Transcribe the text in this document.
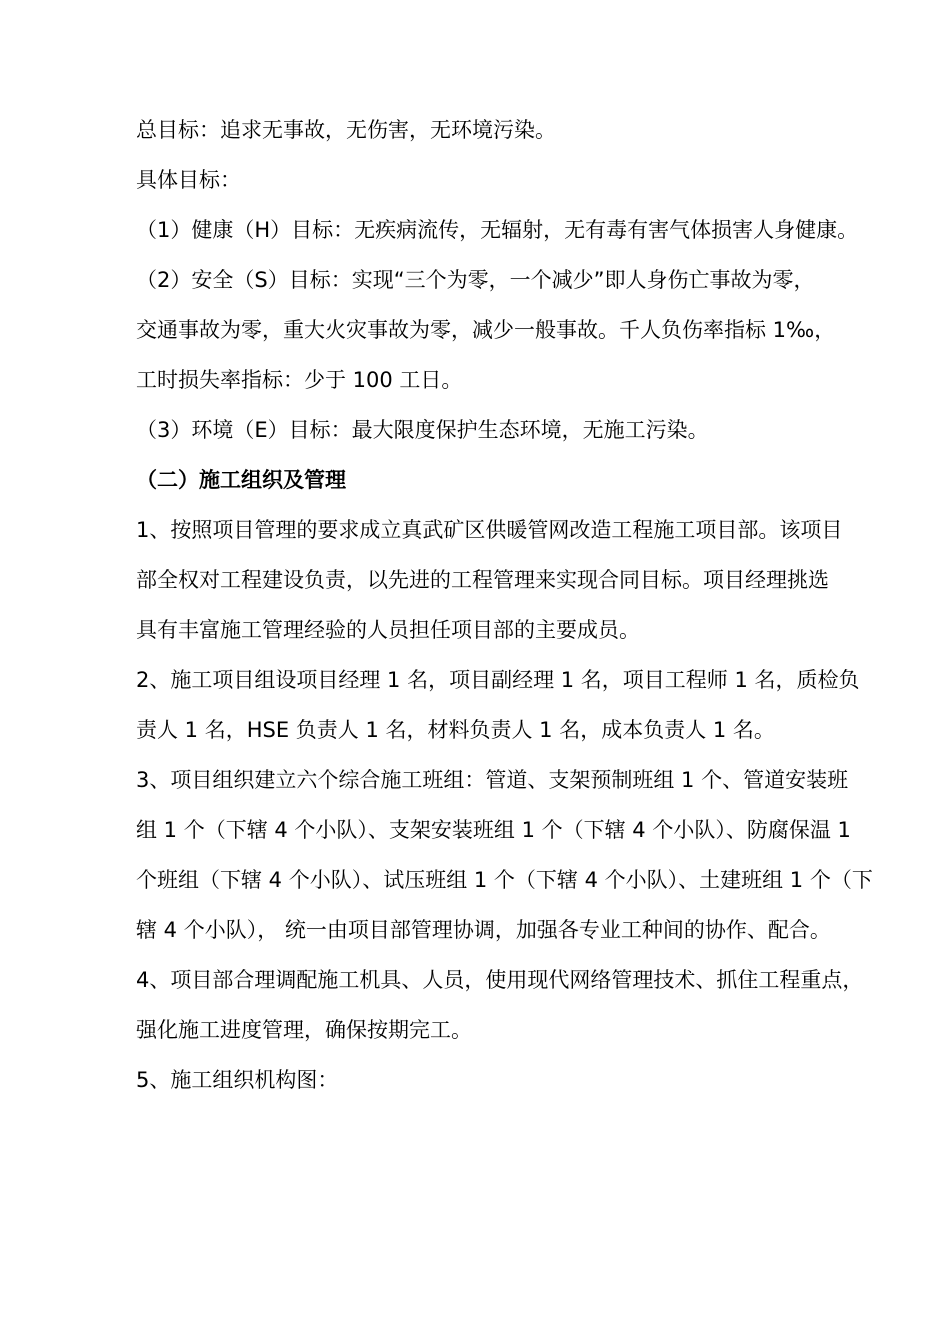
总目标：追求无事故，无伤害，无环境污染。
具体目标：
（1）健康（H）目标：无疾病流传，无辐射，无有毒有害气体损害人身健康。
（2）安全（S）目标：实现“三个为零，一个减少”即人身伤亡事故为零，
交通事故为零，重大火灾事故为零，减少一般事故。千人负伤率指标 1‰，
工时损失率指标：少于 100 工日。
（3）环境（E）目标：最大限度保护生态环境，无施工污染。
（二）施工组织及管理
1、按照项目管理的要求成立真武矿区供暖管网改造工程施工项目部。该项目
部全权对工程建设负责，以先进的工程管理来实现合同目标。项目经理挑选
具有丰富施工管理经验的人员担任项目部的主要成员。
2、施工项目组设项目经理 1 名，项目副经理 1 名，项目工程师 1 名，质检负
责人 1 名，HSE 负责人 1 名，材料负责人 1 名，成本负责人 1 名。
3、项目组织建立六个综合施工班组：管道、支架预制班组 1 个、管道安装班
组 1 个（下辖 4 个小队）、支架安装班组 1 个（下辖 4 个小队）、防腐保温 1
个班组（下辖 4 个小队）、试压班组 1 个（下辖 4 个小队）、土建班组 1 个（下
辖 4 个小队）， 统一由项目部管理协调，加强各专业工种间的协作、配合。
4、项目部合理调配施工机具、人员，使用现代网络管理技术、抓住工程重点，
强化施工进度管理，确保按期完工。
5、施工组织机构图：
